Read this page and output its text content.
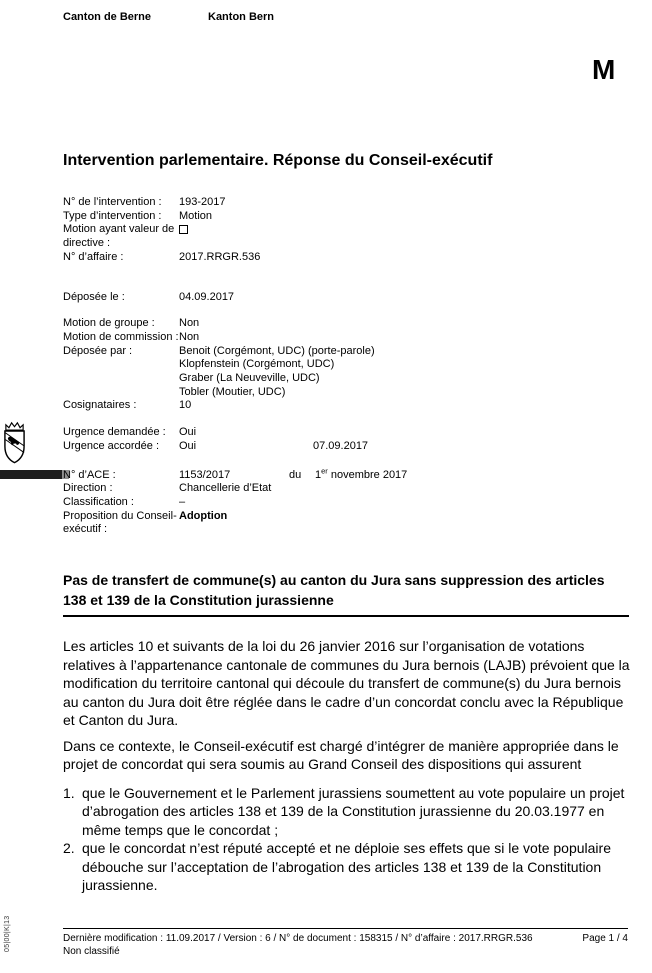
Canton de Berne	Kanton Bern
M
Intervention parlementaire. Réponse du Conseil-exécutif
N° de l’intervention :	193-2017
Type d’intervention :	Motion
Motion ayant valeur de directive :
N° d’affaire :	2017.RRGR.536
Déposée le :	04.09.2017
Motion de groupe :	Non
Motion de commission : Non
Déposée par :	Benoit (Corgémont, UDC) (porte-parole)
Klopfenstein (Corgémont, UDC)
Graber (La Neuveville, UDC)
Tobler (Moutier, UDC)
Cosignataires :	10
Urgence demandée :	Oui
Urgence accordée :	Oui	07.09.2017
N° d’ACE :	1153/2017	du 1er novembre 2017
Direction :	Chancellerie d’Etat
Classification :	–
Proposition du Conseil-exécutif :
Adoption
Pas de transfert de commune(s) au canton du Jura sans suppression des articles 138 et 139 de la Constitution jurassienne

Les articles 10 et suivants de la loi du 26 janvier 2016 sur l’organisation de votations relatives à l’appartenance cantonale de communes du Jura bernois (LAJB) prévoient que la modification du territoire cantonal qui découle du transfert de commune(s) du Jura bernois au canton du Jura doit être réglée dans le cadre d’un concordat conclu avec la République et Canton du Jura.

Dans ce contexte, le Conseil-exécutif est chargé d’intégrer de manière appropriée dans le projet de concordat qui sera soumis au Grand Conseil des dispositions qui assurent

1. que le Gouvernement et le Parlement jurassiens soumettent au vote populaire un projet d’abrogation des articles 138 et 139 de la Constitution jurassienne du 20.03.1977 en même temps que le concordat ;
2. que le concordat n’est réputé accepté et ne déploie ses effets que si le vote populaire débouche sur l’acceptation de l’abrogation des articles 138 et 139 de la Constitution jurassienne.
Dernière modification : 11.09.2017 / Version : 6 / N° de document : 158315 / N° d’affaire : 2017.RRGR.536	Page 1 / 4
Non classifié
05|00|K|13
